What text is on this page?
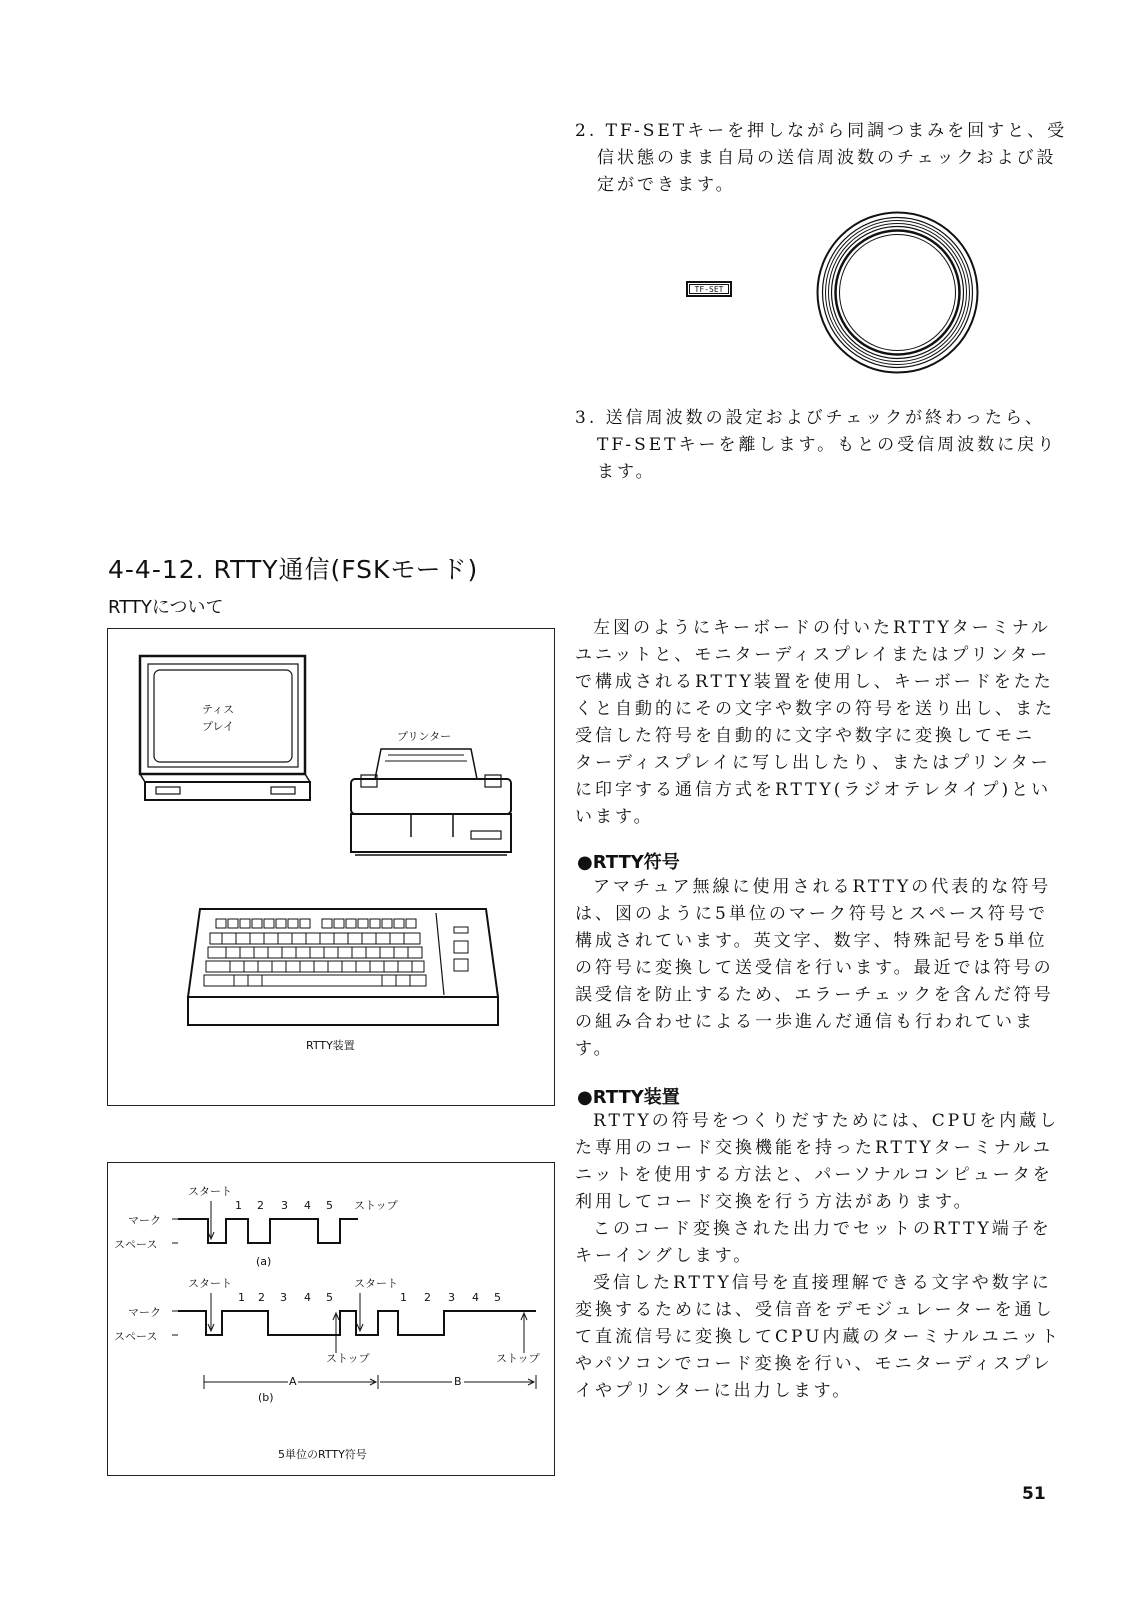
2. TF-SETキーを押しながら同調つまみを回すと、受
信状態のまま自局の送信周波数のチェックおよび設
定ができます。
TF-SET
3. 送信周波数の設定およびチェックが終わったら、
TF-SETキーを離します。もとの受信周波数に戻り
ます。
4-4-12. RTTY通信(FSKモード)
RTTYについて
ティス
プレイ
プリンター
RTTY装置
スタート
1 2 3 4 5 ストップ
マーク
スペース
(a)
スタート	スタート
1 2 3 4 5	1 2 3 4 5
マーク
スペース
ストップ	ストップ
A	B
(b)
5単位のRTTY符号
左図のようにキーボードの付いたRTTYターミナル
ユニットと、モニターディスプレイまたはプリンター
で構成されるRTTY装置を使用し、キーボードをたた
くと自動的にその文字や数字の符号を送り出し、また
受信した符号を自動的に文字や数字に変換してモニ
ターディスプレイに写し出したり、またはプリンター
に印字する通信方式をRTTY(ラジオテレタイプ)とい
います。
●RTTY符号
アマチュア無線に使用されるRTTYの代表的な符号
は、図のように5単位のマーク符号とスペース符号で
構成されています。英文字、数字、特殊記号を5単位
の符号に変換して送受信を行います。最近では符号の
誤受信を防止するため、エラーチェックを含んだ符号
の組み合わせによる一歩進んだ通信も行われていま
す。
●RTTY装置
RTTYの符号をつくりだすためには、CPUを内蔵し
た専用のコード交換機能を持ったRTTYターミナルユ
ニットを使用する方法と、パーソナルコンピュータを
利用してコード交換を行う方法があります。
このコード変換された出力でセットのRTTY端子を
キーイングします。
受信したRTTY信号を直接理解できる文字や数字に
変換するためには、受信音をデモジュレーターを通し
て直流信号に変換してCPU内蔵のターミナルユニット
やパソコンでコード変換を行い、モニターディスプレ
イやプリンターに出力します。
51
